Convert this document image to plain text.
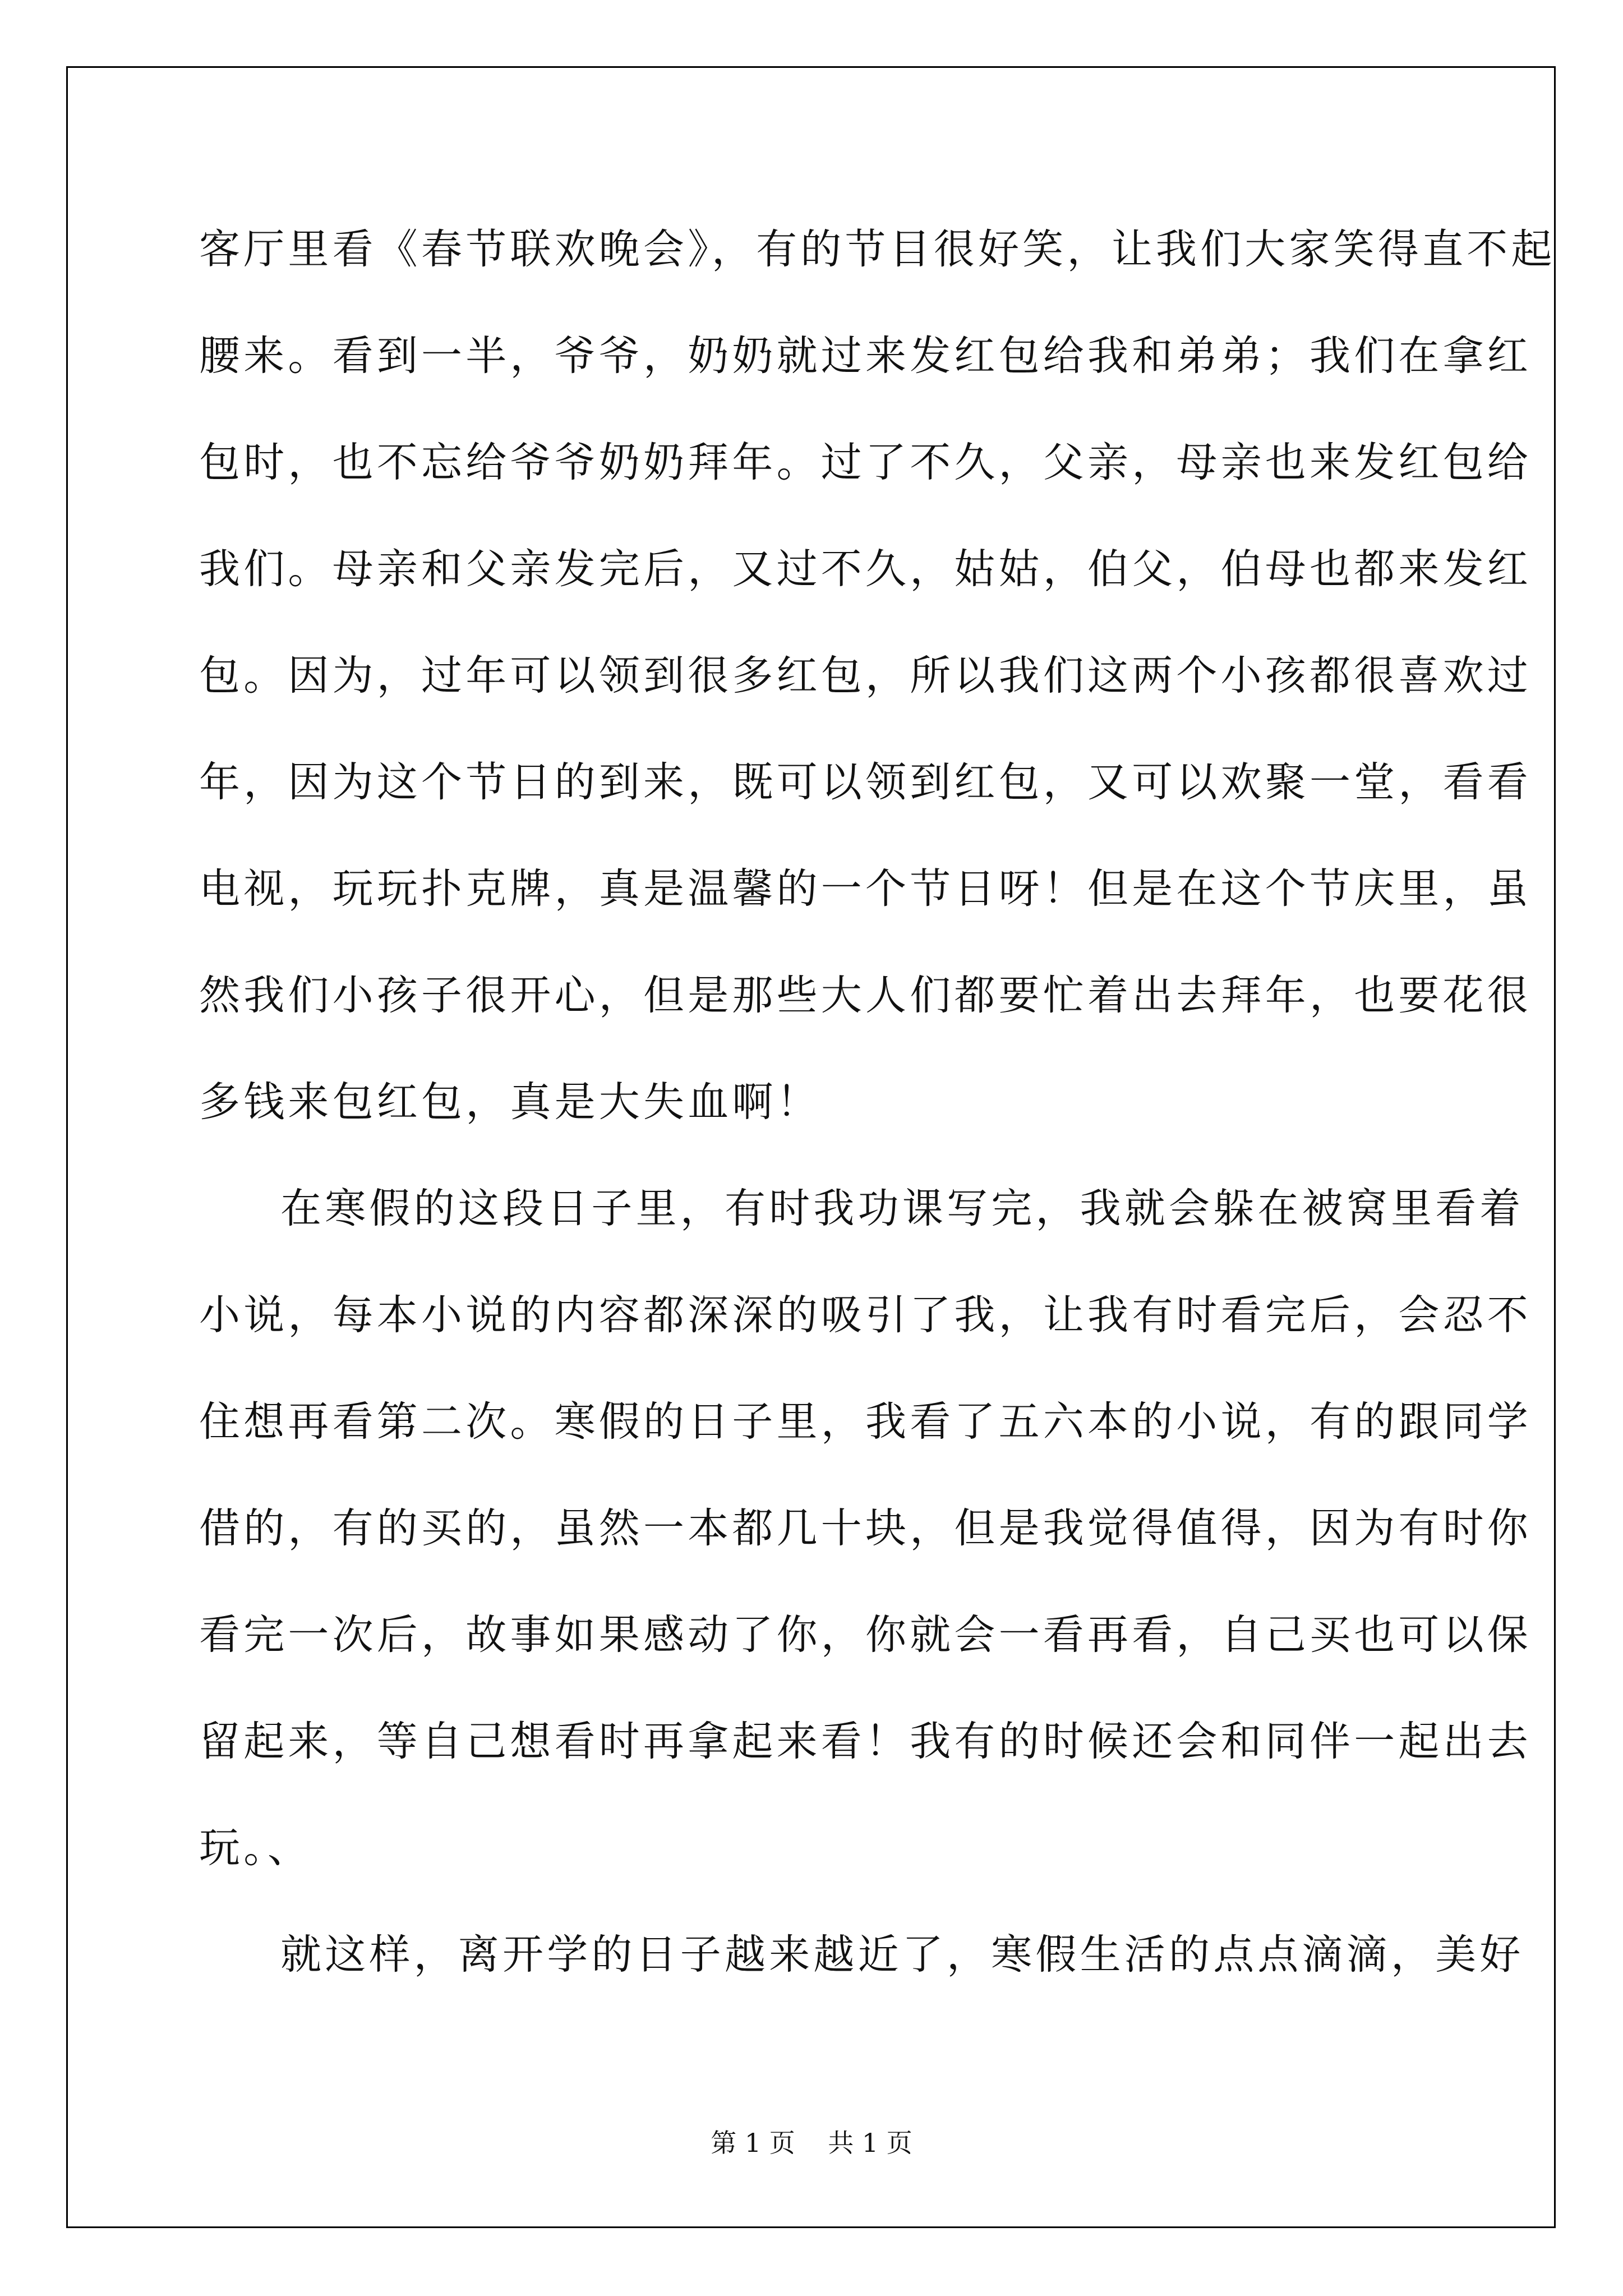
客厅里看《春节联欢晚会》，有的节目很好笑，让我们大家笑得直不起
腰来。看到一半，爷爷，奶奶就过来发红包给我和弟弟；我们在拿红
包时，也不忘给爷爷奶奶拜年。过了不久，父亲，母亲也来发红包给
我们。母亲和父亲发完后，又过不久，姑姑，伯父，伯母也都来发红
包。因为，过年可以领到很多红包，所以我们这两个小孩都很喜欢过
年，因为这个节日的到来，既可以领到红包，又可以欢聚一堂，看看
电视，玩玩扑克牌，真是温馨的一个节日呀！但是在这个节庆里，虽
然我们小孩子很开心，但是那些大人们都要忙着出去拜年，也要花很
多钱来包红包，真是大失血啊！
在寒假的这段日子里，有时我功课写完，我就会躲在被窝里看着
小说，每本小说的内容都深深的吸引了我，让我有时看完后，会忍不
住想再看第二次。寒假的日子里，我看了五六本的小说，有的跟同学
借的，有的买的，虽然一本都几十块，但是我觉得值得，因为有时你
看完一次后，故事如果感动了你，你就会一看再看，自己买也可以保
留起来，等自己想看时再拿起来看！我有的时候还会和同伴一起出去
玩。、
就这样，离开学的日子越来越近了，寒假生活的点点滴滴，美好
第 1 页    共 1 页
